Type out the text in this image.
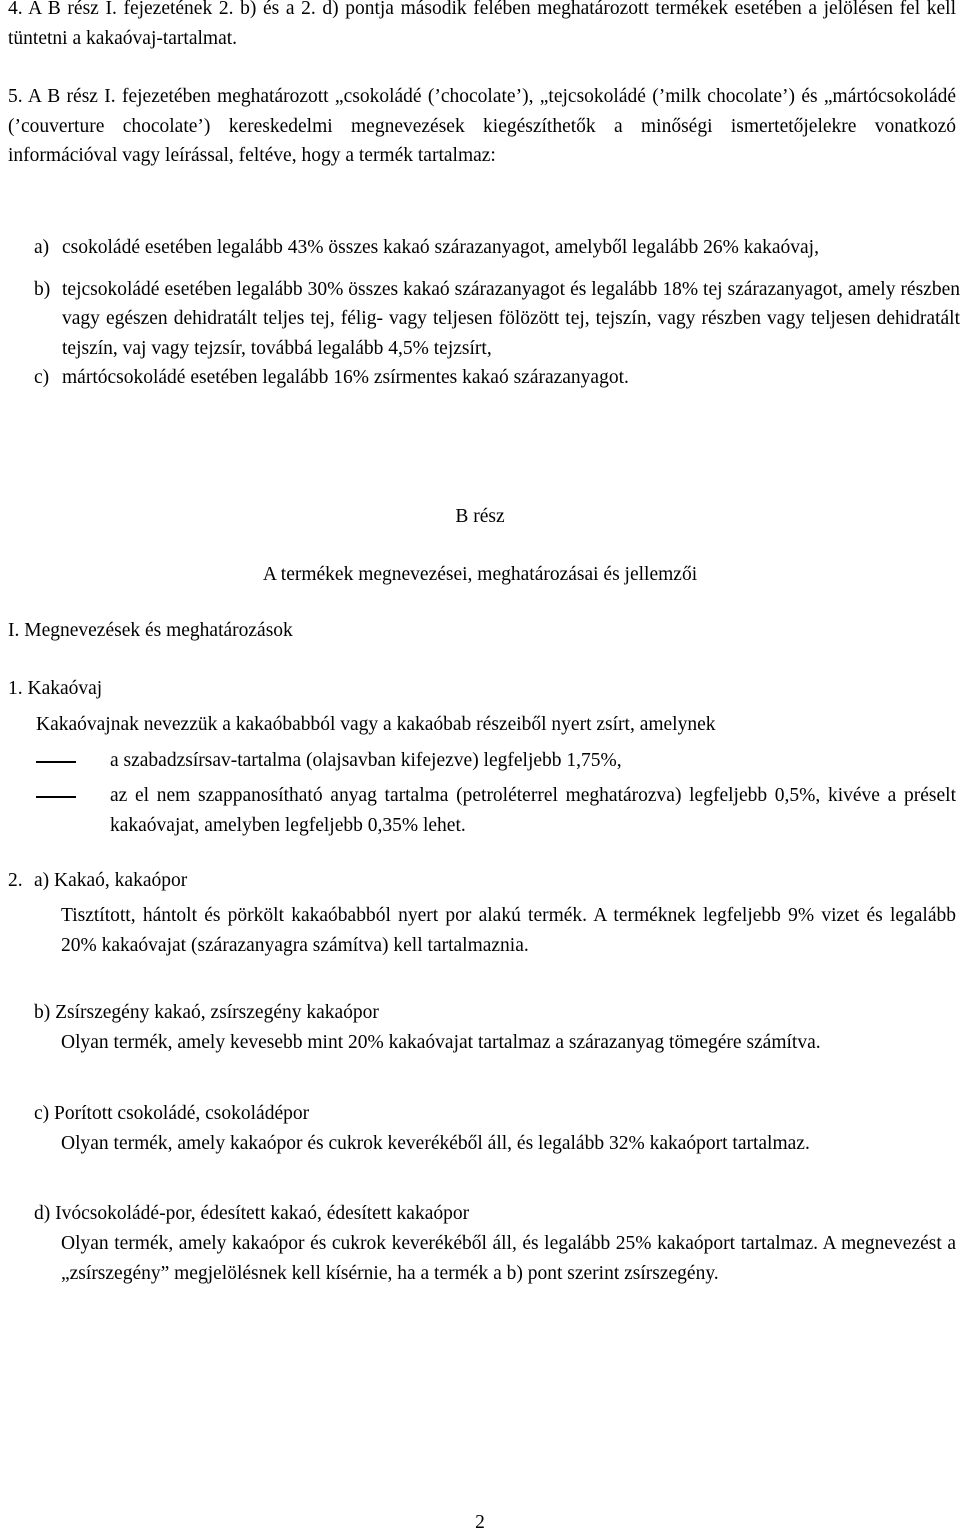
4. A B rész I. fejezetének 2. b) és a 2. d) pontja második felében meghatározott termékek esetében a jelölésen fel kell tüntetni a kakaóvaj-tartalmat.

5. A B rész I. fejezetében meghatározott „csokoládé (’chocolate’), „tejcsokoládé (’milk chocolate’) és „mártócsokoládé (’couverture chocolate’) kereskedelmi megnevezések kiegészíthetők a minőségi ismertetőjelekre vonatkozó információval vagy leírással, feltéve, hogy a termék tartalmaz:

a) csokoládé esetében legalább 43% összes kakaó szárazanyagot, amelyből legalább 26% kakaóvaj,
b) tejcsokoládé esetében legalább 30% összes kakaó szárazanyagot és legalább 18% tej szárazanyagot, amely részben vagy egészen dehidratált teljes tej, félig- vagy teljesen fölözött tej, tejszín, vagy részben vagy teljesen dehidratált tejszín, vaj vagy tejzsír, továbbá legalább 4,5% tejzsírt,
c) mártócsokoládé esetében legalább 16% zsírmentes kakaó szárazanyagot.

B rész

A termékek megnevezései, meghatározásai és jellemzői

I. Megnevezések és meghatározások

1. Kakaóvaj

Kakaóvajnak nevezzük a kakaóbabból vagy a kakaóbab részeiből nyert zsírt, amelynek

a szabadzsírsav-tartalma (olajsavban kifejezve) legfeljebb 1,75%,
az el nem szappanosítható anyag tartalma (petroléterrel meghatározva) legfeljebb 0,5%, kivéve a préselt kakaóvajat, amelyben legfeljebb 0,35% lehet.

2. a) Kakaó, kakaópor

Tisztított, hántolt és pörkölt kakaóbabból nyert por alakú termék. A terméknek legfeljebb 9% vizet és legalább 20% kakaóvajat (szárazanyagra számítva) kell tartalmaznia.

b) Zsírszegény kakaó, zsírszegény kakaópor

Olyan termék, amely kevesebb mint 20% kakaóvajat tartalmaz a szárazanyag tömegére számítva.

c) Porított csokoládé, csokoládépor

Olyan termék, amely kakaópor és cukrok keverékéből áll, és legalább 32% kakaóport tartalmaz.

d) Ivócsokoládé-por, édesített kakaó, édesített kakaópor

Olyan termék, amely kakaópor és cukrok keverékéből áll, és legalább 25% kakaóport tartalmaz. A megnevezést a „zsírszegény” megjelölésnek kell kísérnie, ha a termék a b) pont szerint zsírszegény.

2
